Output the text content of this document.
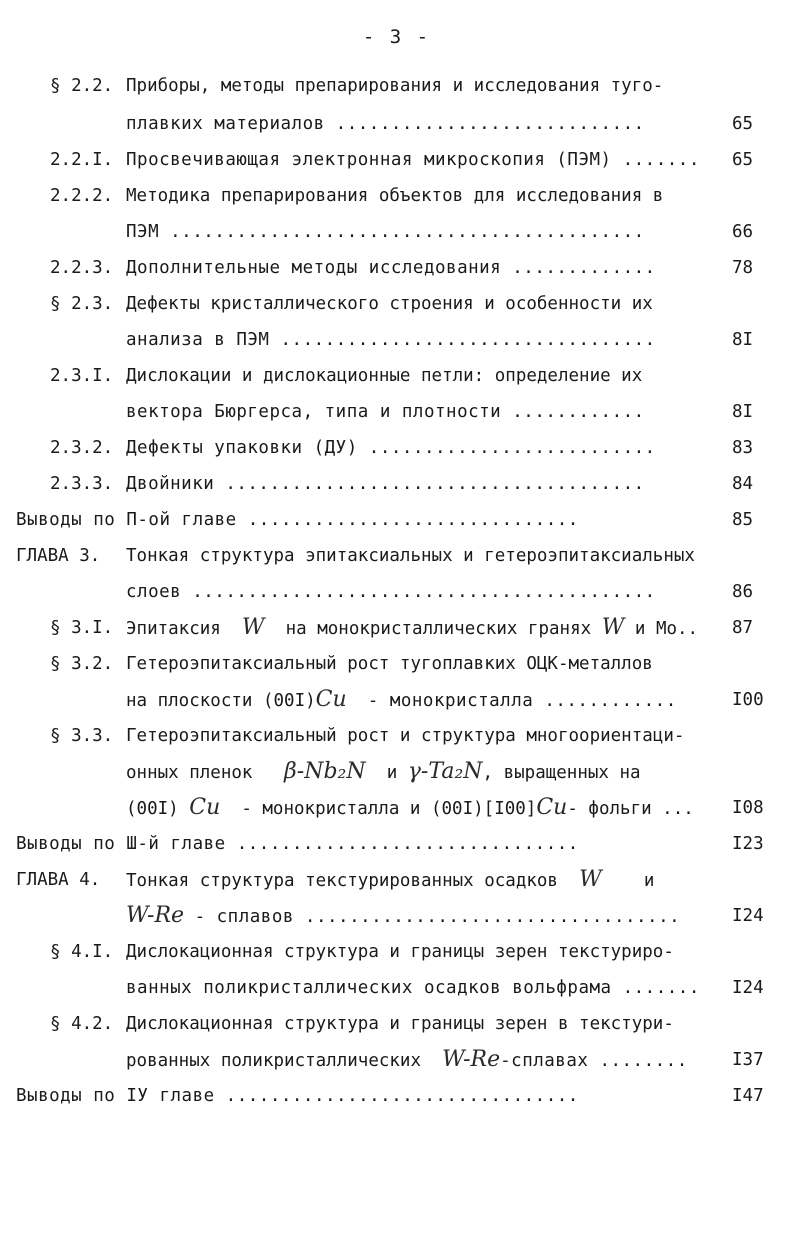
- 3 -
§ 2.2. Приборы, методы препарирования и исследования туго-
плавких материалов ............................	65
2.2.I. Просвечивающая электронная микроскопия (ПЭМ) .......	65
2.2.2. Методика препарирования объектов для исследования в
ПЭМ ...........................................	66
2.2.3. Дополнительные методы исследования .............	78
§ 2.3. Дефекты кристаллического строения и особенности их
анализа в ПЭМ ..................................	8I
2.3.I. Дислокации и дислокационные петли: определение их
вектора Бюргерса, типа и плотности ............	8I
2.3.2. Дефекты упаковки (ДУ) ..........................	83
2.3.3. Двойники ......................................	84
Выводы по П-ой главе ..............................	85
ГЛАВА 3. Тонкая структура эпитаксиальных и гетероэпитаксиальных
слоев ..........................................	86
§ 3.I. Эпитаксия W на монокристаллических гранях W и Мо..	87
§ 3.2. Гетероэпитаксиальный рост тугоплавких ОЦК-металлов
на плоскости (00I)Cu - монокристалла ............	I00
§ 3.3. Гетероэпитаксиальный рост и структура многоориентаци-
онных пленок β-Nb₂N и γ-Ta₂N, выращенных на
(00I) Cu - монокристалла и (00I)[I00]Cu- фольги ...	I08
Выводы по Ш-й главе ...............................	I23
ГЛАВА 4. Тонкая структура текстурированных осадков W и
W-Re - сплавов ..................................	I24
§ 4.I. Дислокационная структура и границы зерен текстуриро-
ванных поликристаллических осадков вольфрама .......	I24
§ 4.2. Дислокационная структура и границы зерен в текстури-
рованных поликристаллических W-Re-сплавах ........	I37
Выводы по IУ главе ................................	I47
